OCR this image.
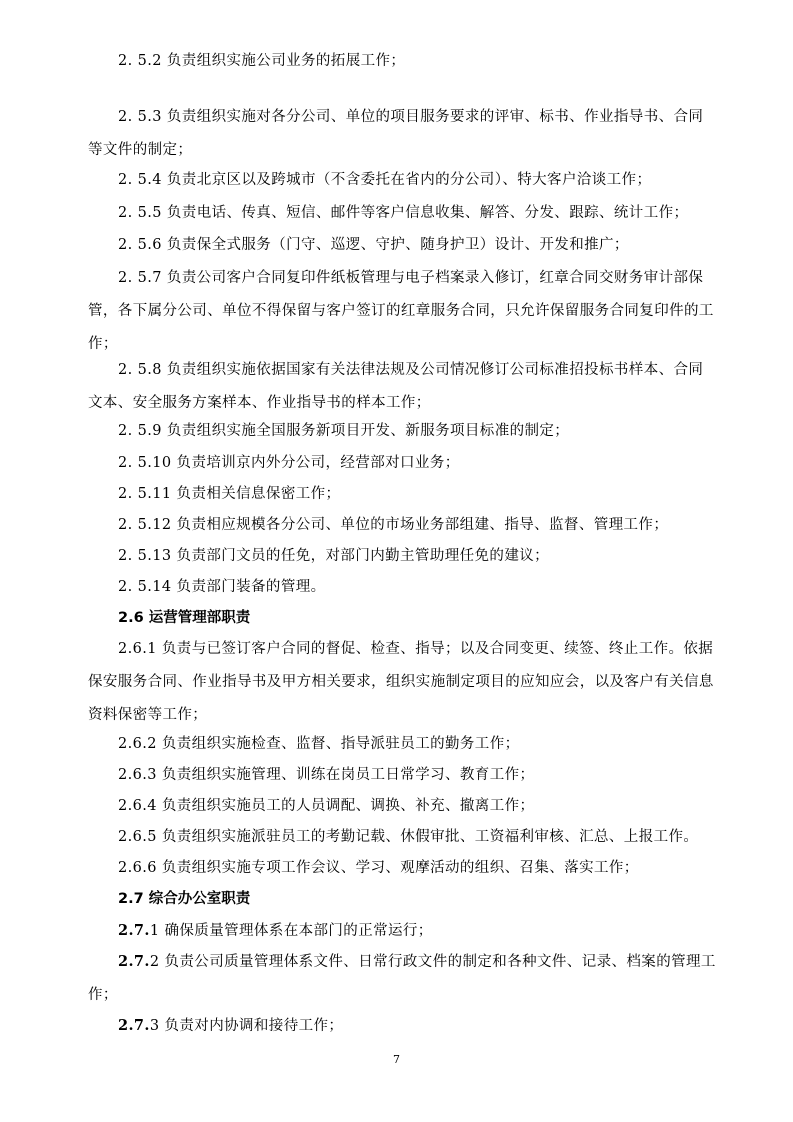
2. 5.2 负责组织实施公司业务的拓展工作；
2. 5.3 负责组织实施对各分公司、单位的项目服务要求的评审、标书、作业指导书、合同等文件的制定；
2. 5.4 负责北京区以及跨城市（不含委托在省内的分公司）、特大客户洽谈工作；
2. 5.5 负责电话、传真、短信、邮件等客户信息收集、解答、分发、跟踪、统计工作；
2. 5.6 负责保全式服务（门守、巡逻、守护、随身护卫）设计、开发和推广；
2. 5.7 负责公司客户合同复印件纸板管理与电子档案录入修订，红章合同交财务审计部保管，各下属分公司、单位不得保留与客户签订的红章服务合同，只允许保留服务合同复印件的工作；
2. 5.8 负责组织实施依据国家有关法律法规及公司情况修订公司标准招投标书样本、合同文本、安全服务方案样本、作业指导书的样本工作；
2. 5.9 负责组织实施全国服务新项目开发、新服务项目标准的制定；
2. 5.10 负责培训京内外分公司，经营部对口业务；
2. 5.11 负责相关信息保密工作；
2. 5.12 负责相应规模各分公司、单位的市场业务部组建、指导、监督、管理工作；
2. 5.13 负责部门文员的任免，对部门内勤主管助理任免的建议；
2. 5.14 负责部门装备的管理。
2.6 运营管理部职责
2.6.1 负责与已签订客户合同的督促、检查、指导；以及合同变更、续签、终止工作。依据保安服务合同、作业指导书及甲方相关要求，组织实施制定项目的应知应会，以及客户有关信息资料保密等工作；
2.6.2 负责组织实施检查、监督、指导派驻员工的勤务工作；
2.6.3 负责组织实施管理、训练在岗员工日常学习、教育工作；
2.6.4 负责组织实施员工的人员调配、调换、补充、撤离工作；
2.6.5 负责组织实施派驻员工的考勤记载、休假审批、工资福利审核、汇总、上报工作。
2.6.6 负责组织实施专项工作会议、学习、观摩活动的组织、召集、落实工作；
2.7 综合办公室职责
2.7.1 确保质量管理体系在本部门的正常运行；
2.7.2 负责公司质量管理体系文件、日常行政文件的制定和各种文件、记录、档案的管理工作；
2.7.3 负责对内协调和接待工作；
7
